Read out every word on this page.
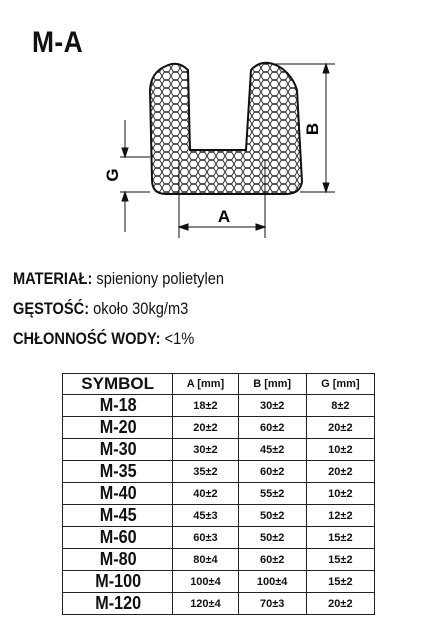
M-A
B
G
A
MATERIAŁ: spieniony polietylen
GĘSTOŚĆ: około 30kg/m3
CHŁONNOŚĆ WODY: <1%
SYMBOL	A [mm]	B [mm]	G [mm]
M-18	18±2	30±2	8±2
M-20	20±2	60±2	20±2
M-30	30±2	45±2	10±2
M-35	35±2	60±2	20±2
M-40	40±2	55±2	10±2
M-45	45±3	50±2	12±2
M-60	60±3	50±2	15±2
M-80	80±4	60±2	15±2
M-100	100±4	100±4	15±2
M-120	120±4	70±3	20±2
